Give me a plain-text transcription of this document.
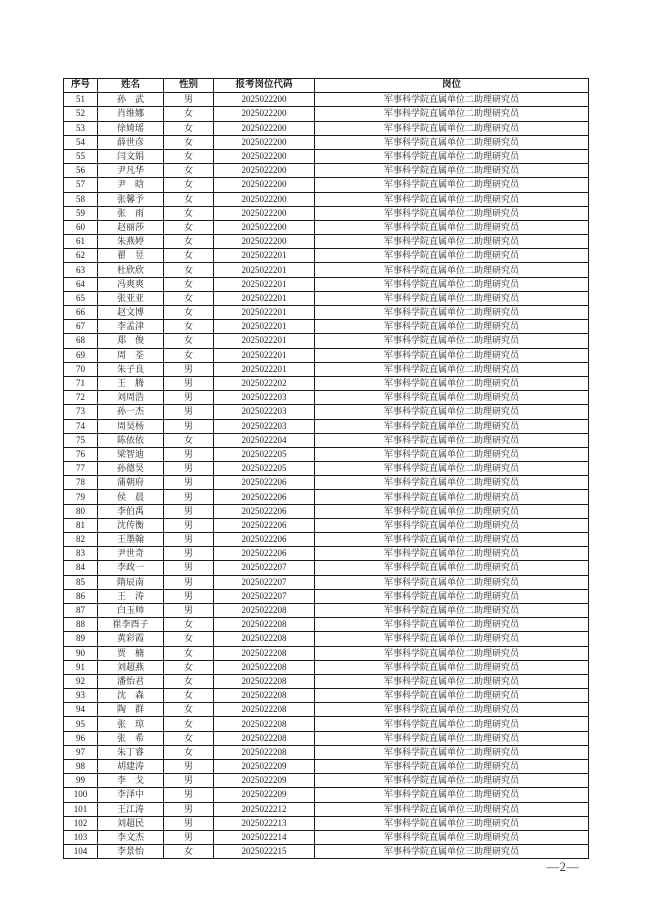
序号	姓名	性别	报考岗位代码	岗位
51	孙　武	男	2025022200	军事科学院直属单位二助理研究员
52	肖维娜	女	2025022200	军事科学院直属单位二助理研究员
53	徐婍瑶	女	2025022200	军事科学院直属单位二助理研究员
54	薛世彦	女	2025022200	军事科学院直属单位二助理研究员
55	闫文娟	女	2025022200	军事科学院直属单位二助理研究员
56	尹凡华	女	2025022200	军事科学院直属单位二助理研究员
57	尹　晗	女	2025022200	军事科学院直属单位二助理研究员
58	张馨予	女	2025022200	军事科学院直属单位二助理研究员
59	张　雨	女	2025022200	军事科学院直属单位二助理研究员
60	赵丽莎	女	2025022200	军事科学院直属单位二助理研究员
61	朱燕婷	女	2025022200	军事科学院直属单位二助理研究员
62	翟　昱	女	2025022201	军事科学院直属单位二助理研究员
63	杜欣欣	女	2025022201	军事科学院直属单位二助理研究员
64	冯爽爽	女	2025022201	军事科学院直属单位二助理研究员
65	张亚亚	女	2025022201	军事科学院直属单位二助理研究员
66	赵文博	女	2025022201	军事科学院直属单位二助理研究员
67	李孟津	女	2025022201	军事科学院直属单位二助理研究员
68	郑　俊	女	2025022201	军事科学院直属单位二助理研究员
69	周　荃	女	2025022201	军事科学院直属单位二助理研究员
70	朱子良	男	2025022201	军事科学院直属单位二助理研究员
71	王　腾	男	2025022202	军事科学院直属单位二助理研究员
72	刘周浩	男	2025022203	军事科学院直属单位二助理研究员
73	孙一杰	男	2025022203	军事科学院直属单位二助理研究员
74	周昊杨	男	2025022203	军事科学院直属单位二助理研究员
75	陈依依	女	2025022204	军事科学院直属单位二助理研究员
76	梁智迪	男	2025022205	军事科学院直属单位二助理研究员
77	孙德昊	男	2025022205	军事科学院直属单位二助理研究员
78	蒲朝府	男	2025022206	军事科学院直属单位二助理研究员
79	侯　晨	男	2025022206	军事科学院直属单位二助理研究员
80	李伯禹	男	2025022206	军事科学院直属单位二助理研究员
81	沈传衡	男	2025022206	军事科学院直属单位二助理研究员
82	王墨翰	男	2025022206	军事科学院直属单位二助理研究员
83	尹世奇	男	2025022206	军事科学院直属单位二助理研究员
84	李政一	男	2025022207	军事科学院直属单位二助理研究员
85	隋辰南	男	2025022207	军事科学院直属单位二助理研究员
86	王　涛	男	2025022207	军事科学院直属单位二助理研究员
87	白玉帅	男	2025022208	军事科学院直属单位二助理研究员
88	崔李酉子	女	2025022208	军事科学院直属单位二助理研究员
89	黄彩霞	女	2025022208	军事科学院直属单位二助理研究员
90	贾　楠	女	2025022208	军事科学院直属单位二助理研究员
91	刘超燕	女	2025022208	军事科学院直属单位二助理研究员
92	潘怡君	女	2025022208	军事科学院直属单位二助理研究员
93	沈　森	女	2025022208	军事科学院直属单位二助理研究员
94	陶　群	女	2025022208	军事科学院直属单位二助理研究员
95	张　琼	女	2025022208	军事科学院直属单位二助理研究员
96	张　希	女	2025022208	军事科学院直属单位二助理研究员
97	朱丁睿	女	2025022208	军事科学院直属单位二助理研究员
98	胡建涛	男	2025022209	军事科学院直属单位二助理研究员
99	李　戈	男	2025022209	军事科学院直属单位二助理研究员
100	李泽中	男	2025022209	军事科学院直属单位二助理研究员
101	王江涛	男	2025022212	军事科学院直属单位三助理研究员
102	刘超民	男	2025022213	军事科学院直属单位三助理研究员
103	李文杰	男	2025022214	军事科学院直属单位三助理研究员
104	李景怡	女	2025022215	军事科学院直属单位三助理研究员
—2—
